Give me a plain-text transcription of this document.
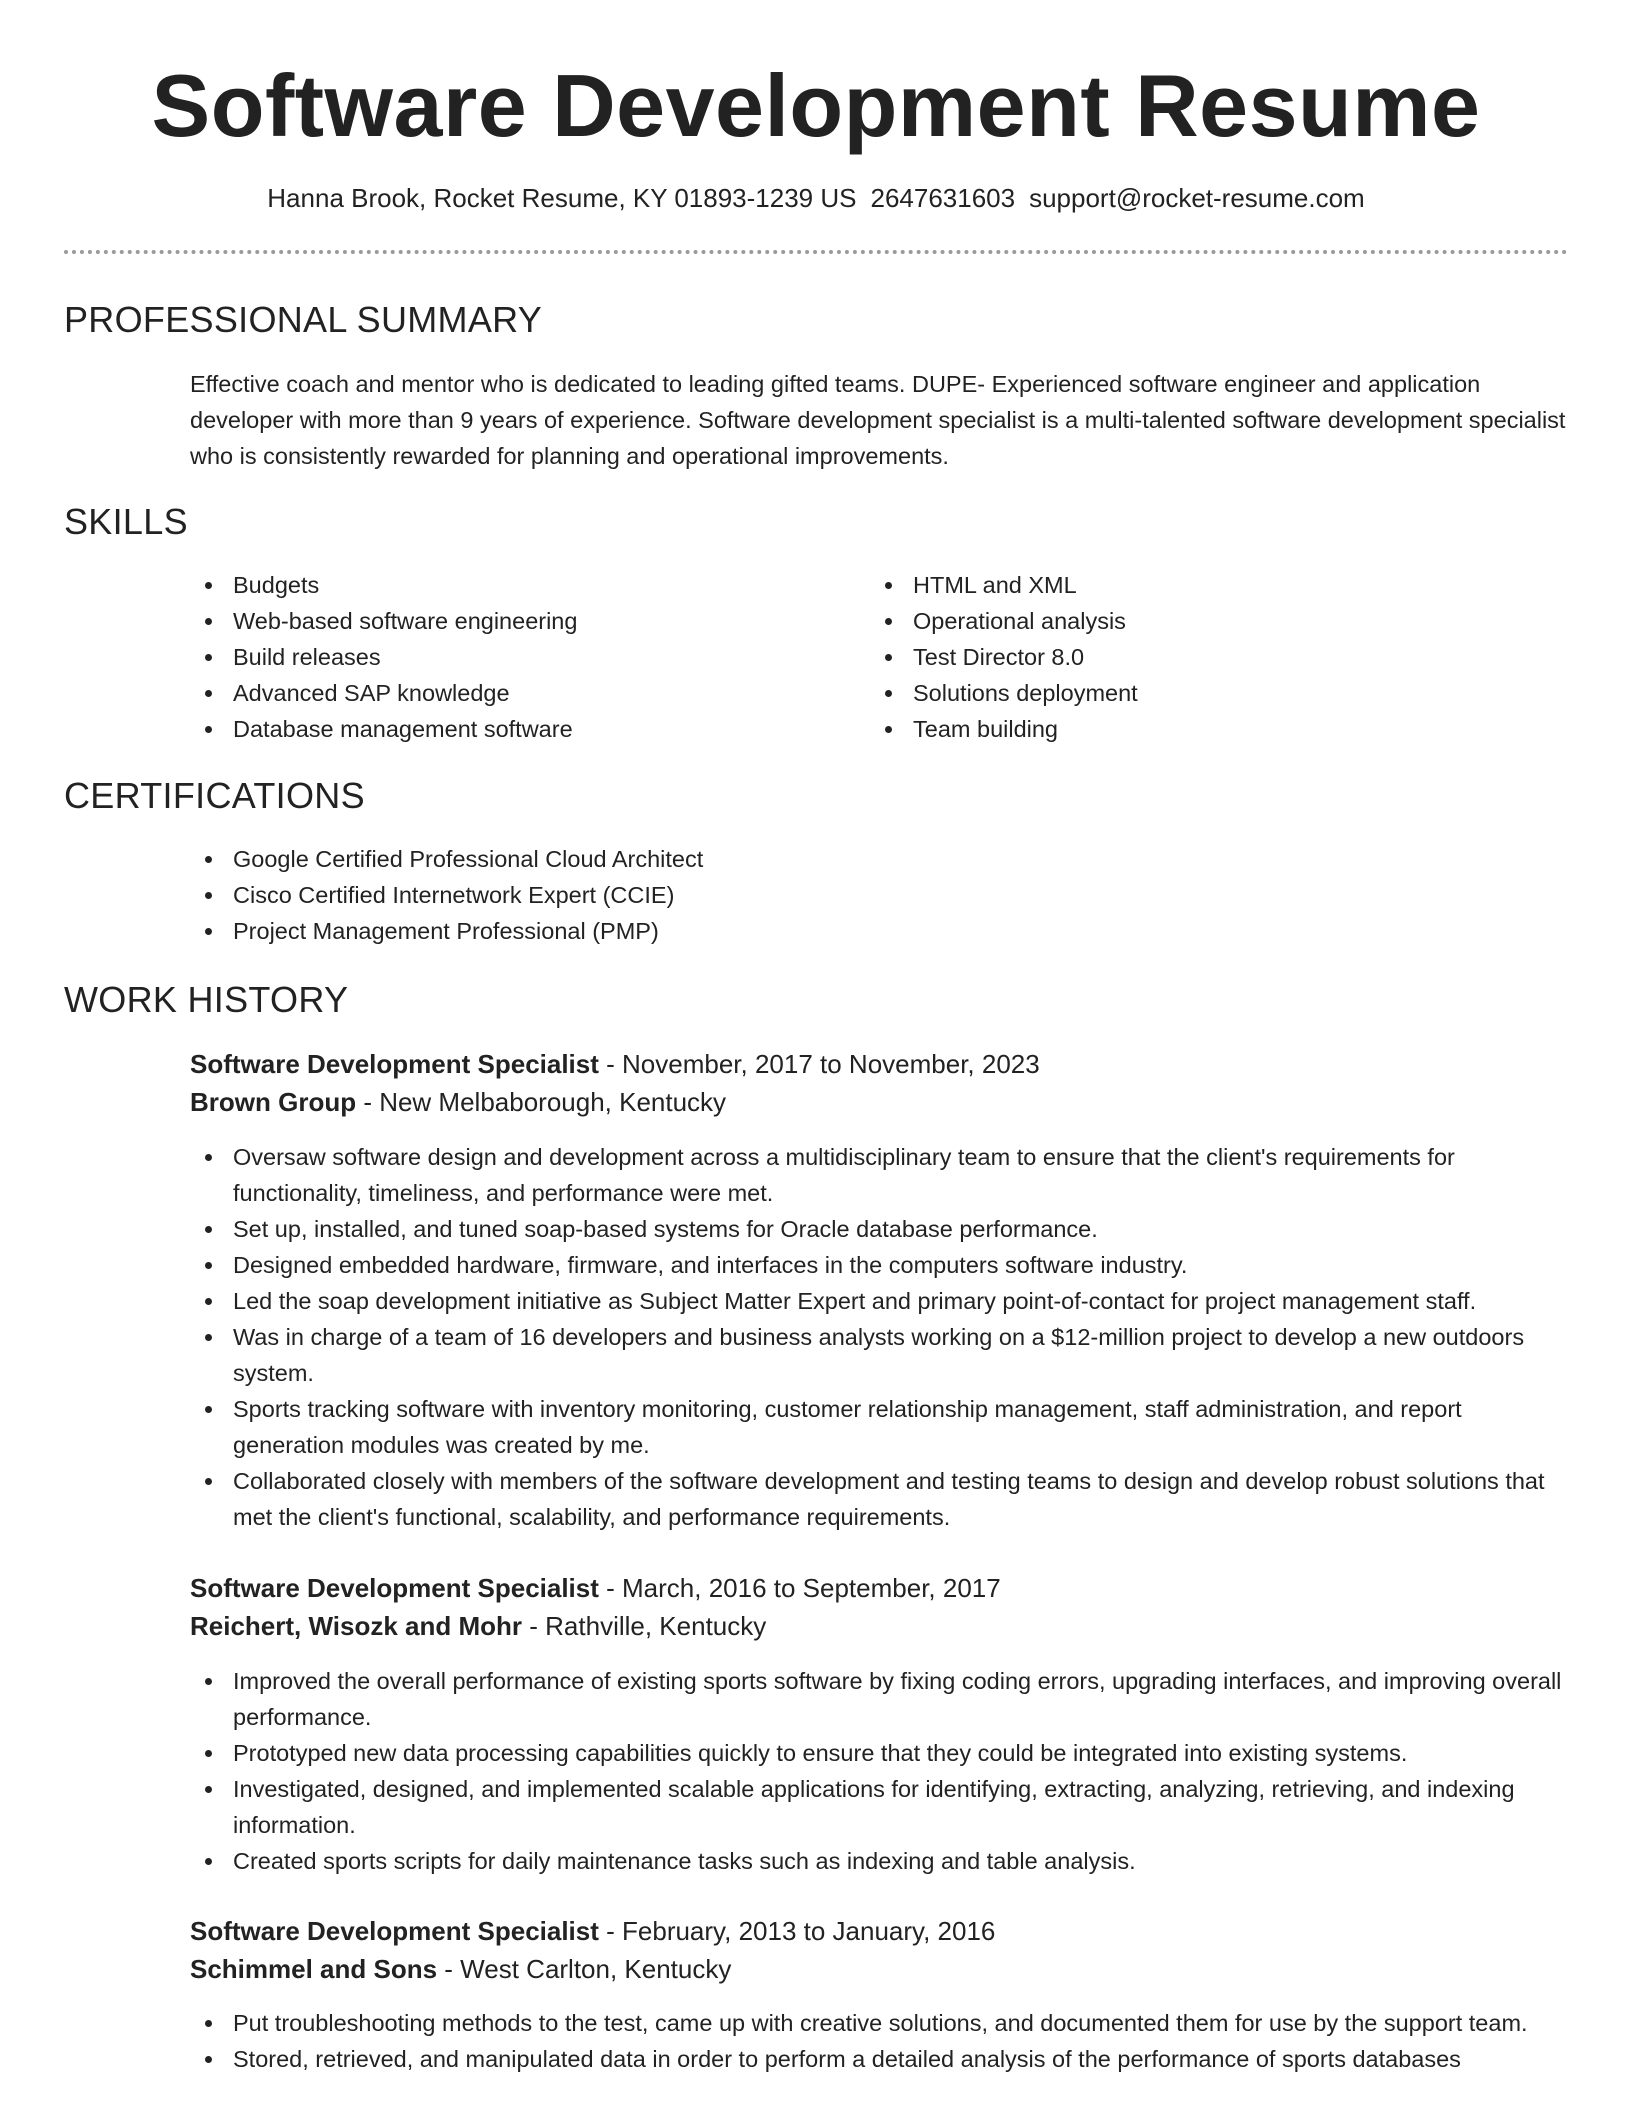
Software Development Resume
Hanna Brook, Rocket Resume, KY 01893-1239 US 2647631603 support@rocket-resume.com
PROFESSIONAL SUMMARY
Effective coach and mentor who is dedicated to leading gifted teams. DUPE- Experienced software engineer and application developer with more than 9 years of experience. Software development specialist is a multi-talented software development specialist who is consistently rewarded for planning and operational improvements.
SKILLS
Budgets
Web-based software engineering
Build releases
Advanced SAP knowledge
Database management software
HTML and XML
Operational analysis
Test Director 8.0
Solutions deployment
Team building
CERTIFICATIONS
Google Certified Professional Cloud Architect
Cisco Certified Internetwork Expert (CCIE)
Project Management Professional (PMP)
WORK HISTORY
Software Development Specialist - November, 2017 to November, 2023
Brown Group - New Melbaborough, Kentucky
Oversaw software design and development across a multidisciplinary team to ensure that the client's requirements for functionality, timeliness, and performance were met.
Set up, installed, and tuned soap-based systems for Oracle database performance.
Designed embedded hardware, firmware, and interfaces in the computers software industry.
Led the soap development initiative as Subject Matter Expert and primary point-of-contact for project management staff.
Was in charge of a team of 16 developers and business analysts working on a $12-million project to develop a new outdoors system.
Sports tracking software with inventory monitoring, customer relationship management, staff administration, and report generation modules was created by me.
Collaborated closely with members of the software development and testing teams to design and develop robust solutions that met the client's functional, scalability, and performance requirements.
Software Development Specialist - March, 2016 to September, 2017
Reichert, Wisozk and Mohr - Rathville, Kentucky
Improved the overall performance of existing sports software by fixing coding errors, upgrading interfaces, and improving overall performance.
Prototyped new data processing capabilities quickly to ensure that they could be integrated into existing systems.
Investigated, designed, and implemented scalable applications for identifying, extracting, analyzing, retrieving, and indexing information.
Created sports scripts for daily maintenance tasks such as indexing and table analysis.
Software Development Specialist - February, 2013 to January, 2016
Schimmel and Sons - West Carlton, Kentucky
Put troubleshooting methods to the test, came up with creative solutions, and documented them for use by the support team.
Stored, retrieved, and manipulated data in order to perform a detailed analysis of the performance of sports databases
